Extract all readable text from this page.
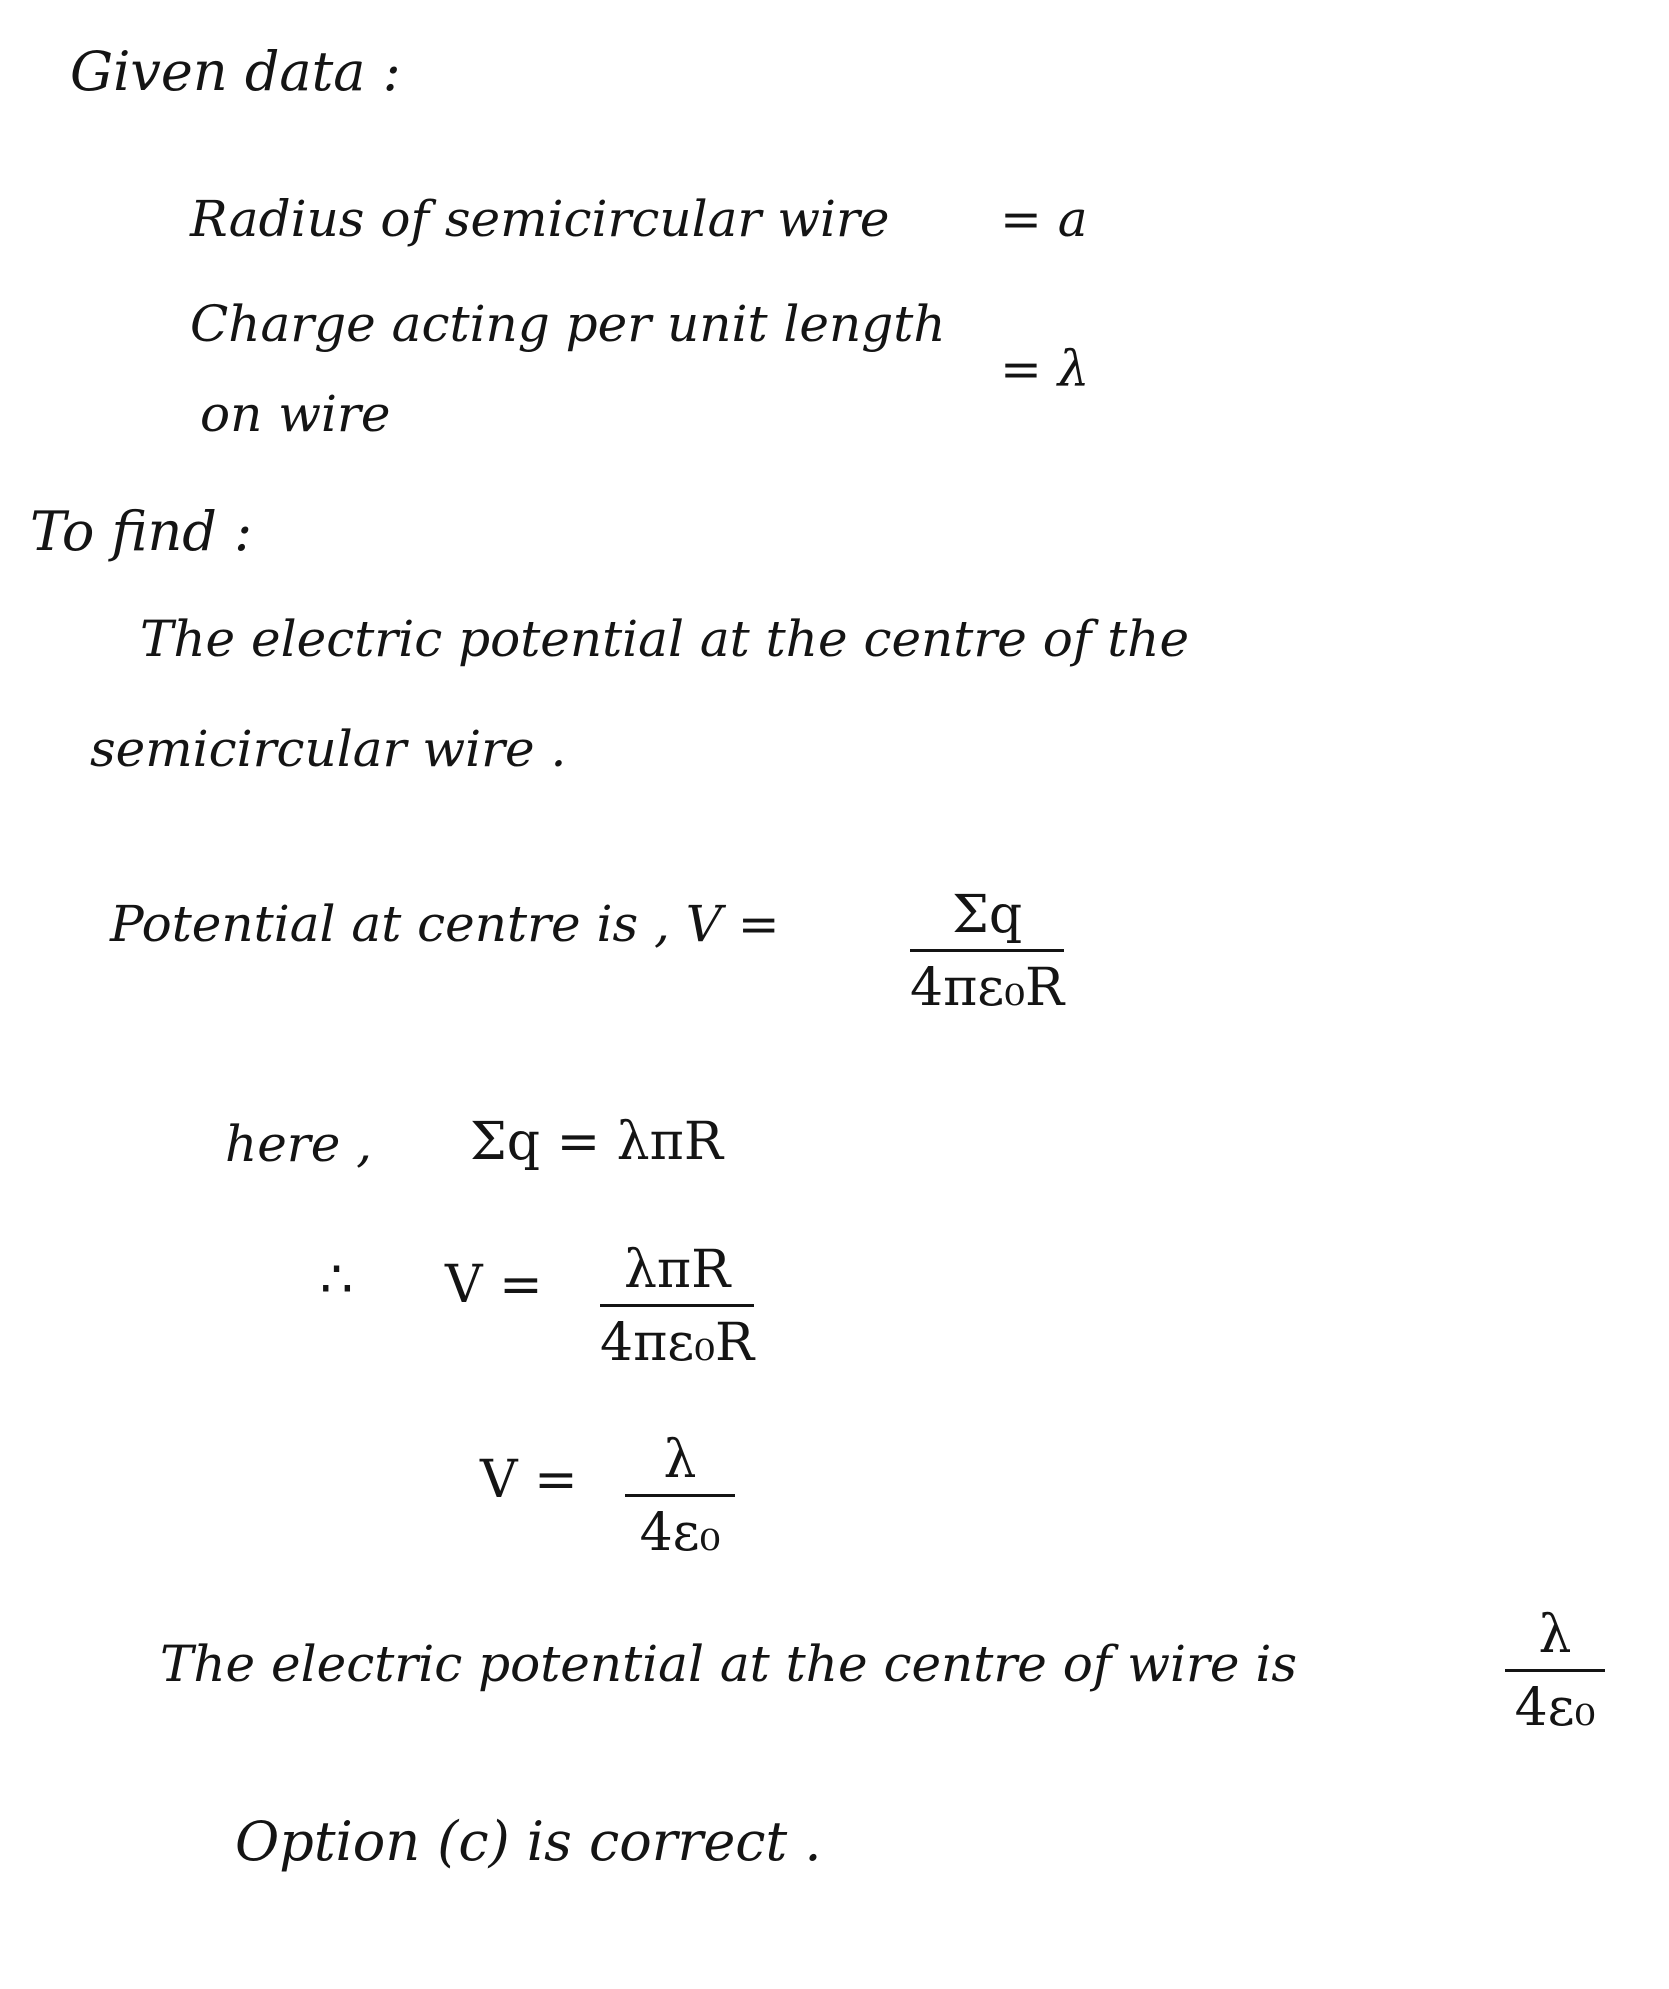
Given data :
Radius of semicircular wire = a
Charge acting per unit length
on wire
= λ
To find :
The electric potential at the centre of the
semicircular wire .
Potential at centre is , V =	Σq
4πε₀R
here , Σq = λπR
∴ V = λπR
4πε₀R
V = λ
4ε₀
The electric potential at the centre of wire is	λ
4ε₀
Option (c) is correct .
